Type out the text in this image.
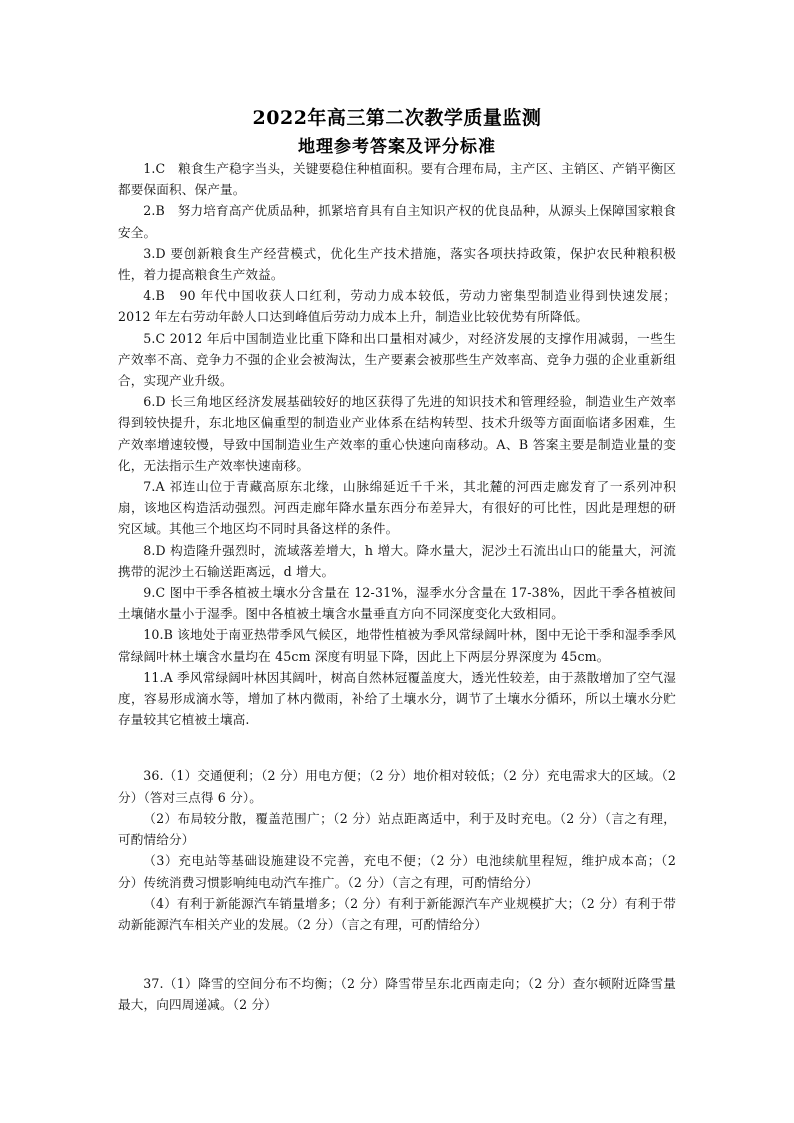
2022年高三第二次教学质量监测
地理参考答案及评分标准

1.C　粮食生产稳字当头，关键要稳住种植面积。要有合理布局，主产区、主销区、产销平衡区都要保面积、保产量。

2.B　努力培育高产优质品种，抓紧培育具有自主知识产权的优良品种，从源头上保障国家粮食安全。

3.D 要创新粮食生产经营模式，优化生产技术措施，落实各项扶持政策，保护农民种粮积极性，着力提高粮食生产效益。

4.B　90 年代中国收获人口红利，劳动力成本较低，劳动力密集型制造业得到快速发展；2012 年左右劳动年龄人口达到峰值后劳动力成本上升，制造业比较优势有所降低。

5.C 2012 年后中国制造业比重下降和出口量相对减少，对经济发展的支撑作用减弱，一些生产效率不高、竞争力不强的企业会被淘汰，生产要素会被那些生产效率高、竞争力强的企业重新组合，实现产业升级。

6.D 长三角地区经济发展基础较好的地区获得了先进的知识技术和管理经验，制造业生产效率得到较快提升，东北地区偏重型的制造业产业体系在结构转型、技术升级等方面面临诸多困难，生产效率增速较慢，导致中国制造业生产效率的重心快速向南移动。A、B 答案主要是制造业量的变化，无法指示生产效率快速南移。

7.A 祁连山位于青藏高原东北缘，山脉绵延近千千米，其北麓的河西走廊发育了一系列冲积扇，该地区构造活动强烈。河西走廊年降水量东西分布差异大，有很好的可比性，因此是理想的研究区域。其他三个地区均不同时具备这样的条件。

8.D 构造隆升强烈时，流域落差增大，h 增大。降水量大，泥沙土石流出山口的能量大，河流携带的泥沙土石输送距离远，d 增大。

9.C 图中干季各植被土壤水分含量在 12-31%，湿季水分含量在 17-38%，因此干季各植被间土壤储水量小于湿季。图中各植被土壤含水量垂直方向不同深度变化大致相同。

10.B 该地处于南亚热带季风气候区，地带性植被为季风常绿阔叶林，图中无论干季和湿季季风常绿阔叶林土壤含水量均在 45cm 深度有明显下降，因此上下两层分界深度为 45cm。

11.A 季风常绿阔叶林因其阔叶，树高自然林冠覆盖度大，透光性较差，由于蒸散增加了空气湿度，容易形成滴水等，增加了林内微雨，补给了土壤水分，调节了土壤水分循环，所以土壤水分贮存量较其它植被土壤高.

36.（1）交通便利；（2 分）用电方便；（2 分）地价相对较低；（2 分）充电需求大的区域。（2 分）（答对三点得 6 分）。

（2）布局较分散，覆盖范围广；（2 分）站点距离适中，利于及时充电。（2 分）（言之有理，可酌情给分）

（3）充电站等基础设施建设不完善，充电不便；（2 分）电池续航里程短，维护成本高；（2 分）传统消费习惯影响纯电动汽车推广。（2 分）（言之有理，可酌情给分）

（4）有利于新能源汽车销量增多；（2 分）有利于新能源汽车产业规模扩大；（2 分）有利于带动新能源汽车相关产业的发展。（2 分）（言之有理，可酌情给分）

37.（1）降雪的空间分布不均衡；（2 分）降雪带呈东北西南走向；（2 分）查尔顿附近降雪量最大，向四周递减。（2 分）
